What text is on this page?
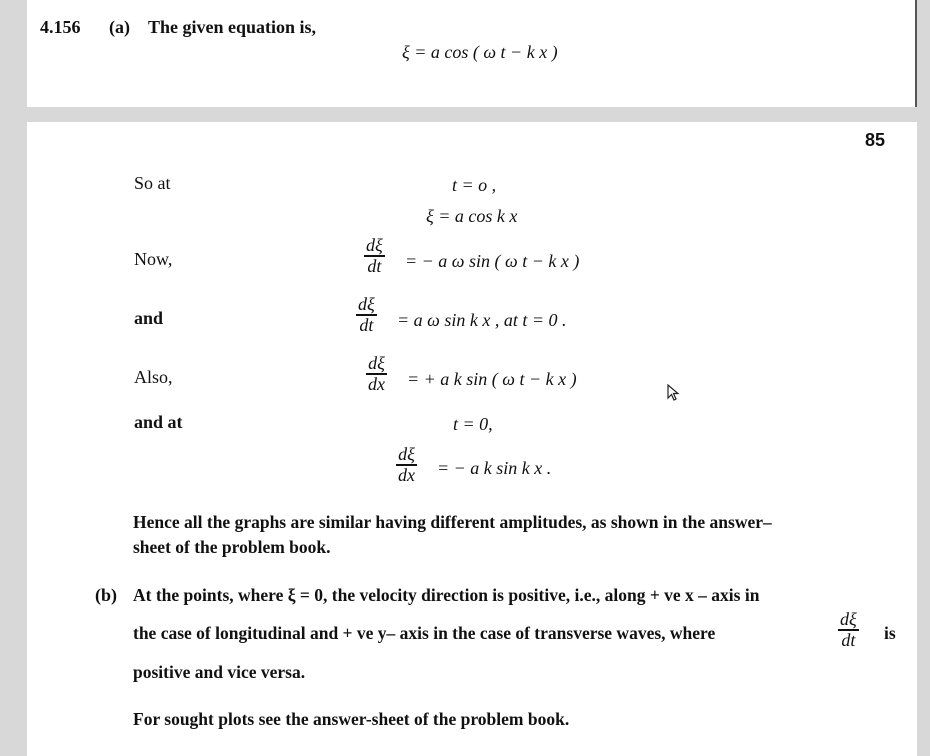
4.156 (a) The given equation is,
ξ = a cos ( ω t − k x )
85
So at	t = o ,
ξ = a cos k x
Now,
dξ
dt = − a ω sin ( ω t − k x )
and
dξ
dt = a ω sin k x , at t = 0 .
Also,
dξ
dx = + a k sin ( ω t − k x )
and at	t = 0,
dξ
dx = − a k sin k x .
Hence all the graphs are similar having different amplitudes, as shown in the answer–
sheet of the problem book.
(b) At the points, where ξ = 0, the velocity direction is positive, i.e., along + ve x – axis in
the case of longitudinal and + ve y– axis in the case of transverse waves, where
dξ
dt is
positive and vice versa.
For sought plots see the answer-sheet of the problem book.
